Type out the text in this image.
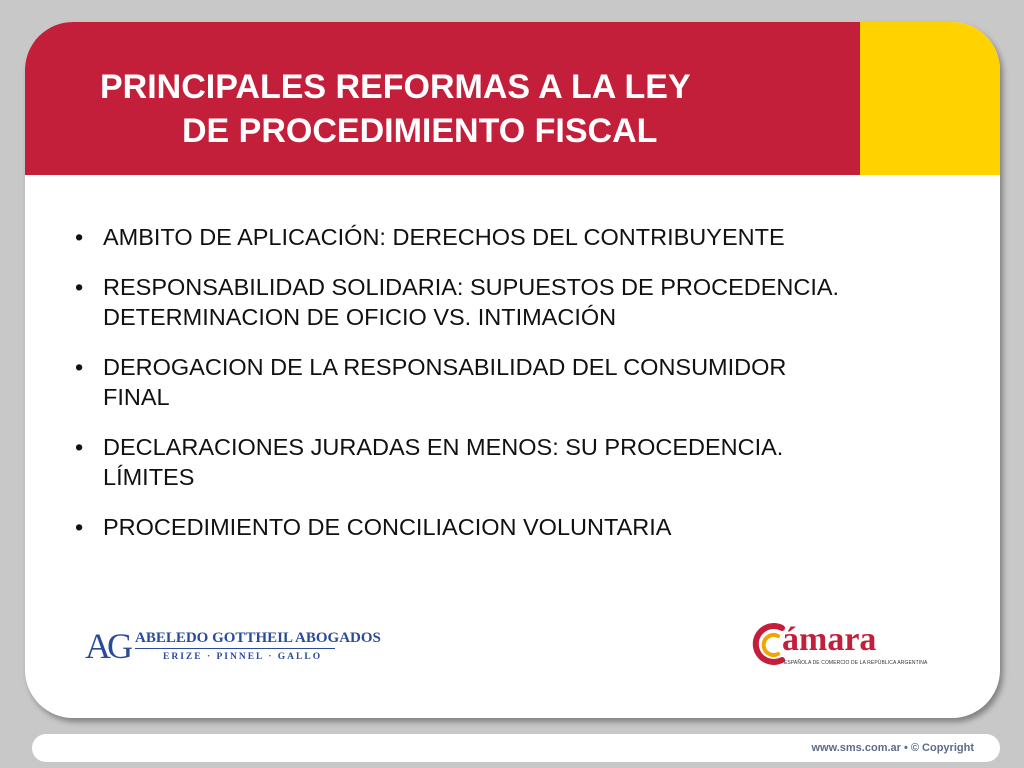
PRINCIPALES REFORMAS A LA LEY
DE PROCEDIMIENTO FISCAL
• AMBITO DE APLICACIÓN: DERECHOS DEL CONTRIBUYENTE
• RESPONSABILIDAD SOLIDARIA: SUPUESTOS DE PROCEDENCIA.
DETERMINACION DE OFICIO VS. INTIMACIÓN
• DEROGACION DE LA RESPONSABILIDAD DEL CONSUMIDOR
FINAL
• DECLARACIONES JURADAS EN MENOS: SU PROCEDENCIA.
LÍMITES
• PROCEDIMIENTO DE CONCILIACION VOLUNTARIA
AG ABELEDO GOTTHEIL ABOGADOS
ERIZE · PINNEL · GALLO	ámara
ESPAÑOLA DE COMERCIO DE LA REPÚBLICA ARGENTINA
www.sms.com.ar • © Copyright
